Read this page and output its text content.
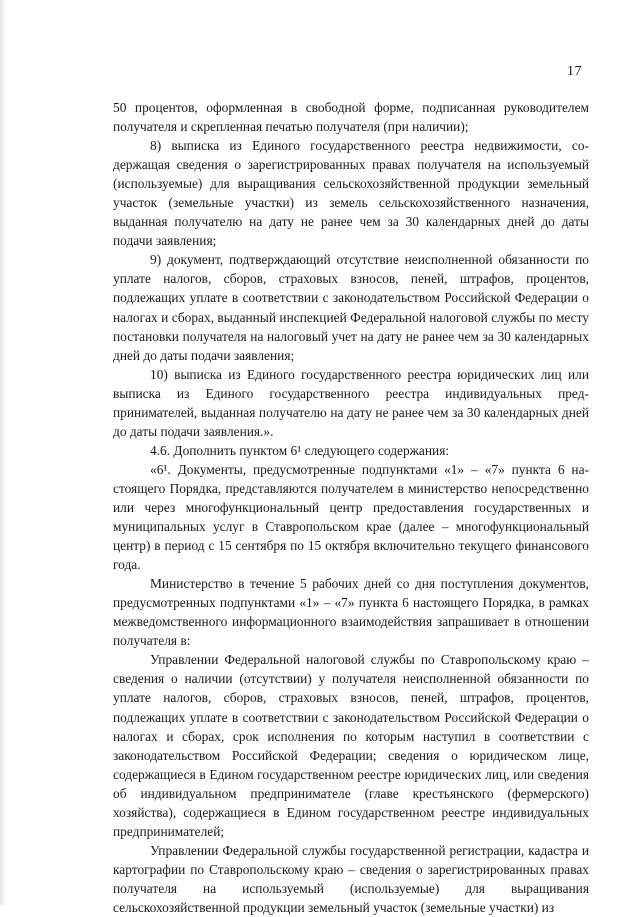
17

50 процентов, оформленная в свободной форме, подписанная руководителем получателя и скрепленная печатью получателя (при наличии);

8) выписка из Единого государственного реестра недвижимости, содержащая сведения о зарегистрированных правах получателя на используемый (используемые) для выращивания сельскохозяйственной продукции земельный участок (земельные участки) из земель сельскохозяйственного назначения, выданная получателю на дату не ранее чем за 30 календарных дней до даты подачи заявления;

9) документ, подтверждающий отсутствие неисполненной обязанности по уплате налогов, сборов, страховых взносов, пеней, штрафов, процентов, подлежащих уплате в соответствии с законодательством Российской Федерации о налогах и сборах, выданный инспекцией Федеральной налоговой службы по месту постановки получателя на налоговый учет на дату не ранее чем за 30 календарных дней до даты подачи заявления;

10) выписка из Единого государственного реестра юридических лиц или выписка из Единого государственного реестра индивидуальных предпринимателей, выданная получателю на дату не ранее чем за 30 календарных дней до даты подачи заявления.».

4.6. Дополнить пунктом 6¹ следующего содержания:

«6¹. Документы, предусмотренные подпунктами «1» – «7» пункта 6 настоящего Порядка, представляются получателем в министерство непосредственно или через многофункциональный центр предоставления государственных и муниципальных услуг в Ставропольском крае (далее – многофункциональный центр) в период с 15 сентября по 15 октября включительно текущего финансового года.

Министерство в течение 5 рабочих дней со дня поступления документов, предусмотренных подпунктами «1» – «7» пункта 6 настоящего Порядка, в рамках межведомственного информационного взаимодействия запрашивает в отношении получателя в:

Управлении Федеральной налоговой службы по Ставропольскому краю – сведения о наличии (отсутствии) у получателя неисполненной обязанности по уплате налогов, сборов, страховых взносов, пеней, штрафов, процентов, подлежащих уплате в соответствии с законодательством Российской Федерации о налогах и сборах, срок исполнения по которым наступил в соответствии с законодательством Российской Федерации; сведения о юридическом лице, содержащиеся в Едином государственном реестре юридических лиц, или сведения об индивидуальном предпринимателе (главе крестьянского (фермерского) хозяйства), содержащиеся в Едином государственном реестре индивидуальных предпринимателей;

Управлении Федеральной службы государственной регистрации, кадастра и картографии по Ставропольскому краю – сведения о зарегистрированных правах получателя на используемый (используемые) для выращивания сельскохозяйственной продукции земельный участок (земельные участки) из
